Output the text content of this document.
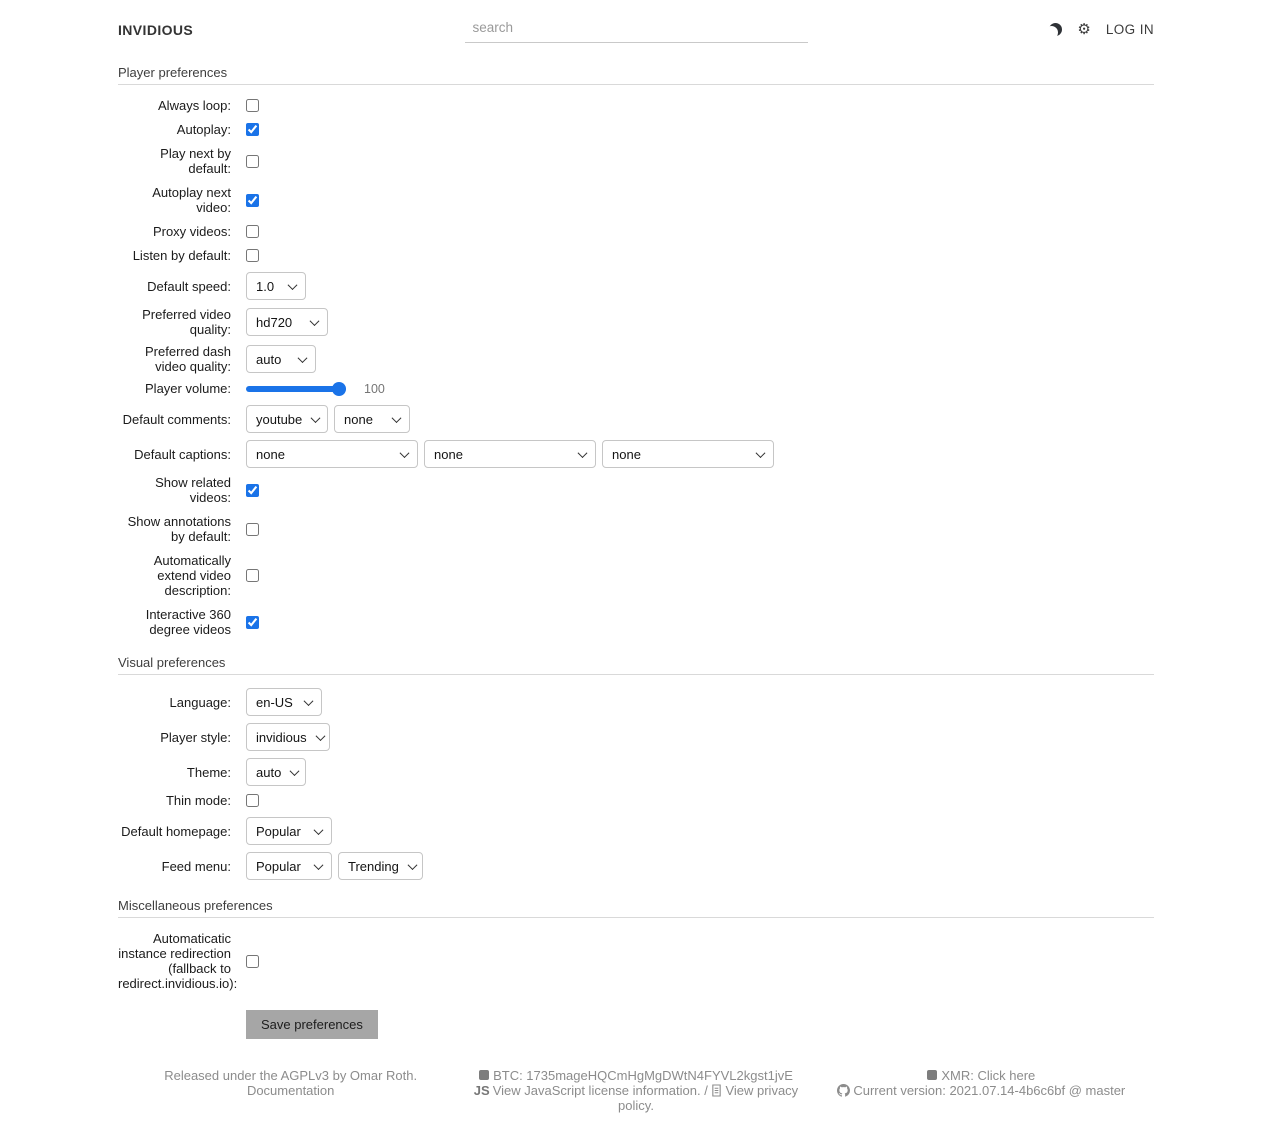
INVIDIOUS
search	⚙︎ LOG IN
Player preferences
Always loop:
Autoplay:
Play next by default:
Autoplay next video:
Proxy videos:
Listen by default:
Default speed:	1.0
Preferred video quality:	hd720
Preferred dash video quality:	auto
Player volume:	100
Default comments:	youtube	none
Default captions:	none	none	none
Show related videos:
Show annotations by default:
Automatically extend video description:
Interactive 360 degree videos
Visual preferences
Language:	en-US
Player style:	invidious
Theme:	auto
Thin mode:
Default homepage:	Popular
Feed menu:	Popular	Trending
Miscellaneous preferences
Automaticatic instance redirection (fallback to redirect.invidious.io):
Save preferences
Released under the AGPLv3 by Omar Roth.
Documentation
BTC: 1735mageHQCmHgMgDWtN4FYVL2kgst1jvE
JS View JavaScript license information. / View privacy policy.
XMR: Click here
Current version: 2021.07.14-4b6c6bf @ master
